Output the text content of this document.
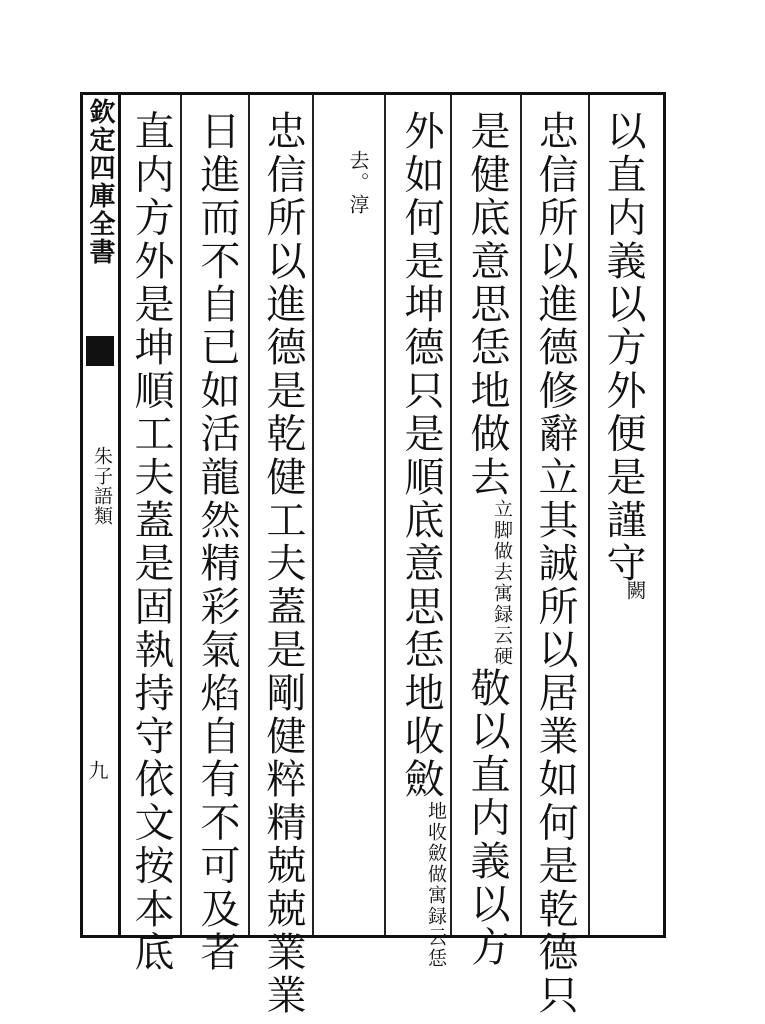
欽定四庫全書
朱子語類
九
以直内義以方外便是謹守
闕
忠信所以進德修辭立其誠所以居業如何是乾德只
是健底意思恁地做去
寓録云硬
立脚做去
敬以直内義以方
外如何是坤德只是順底意思恁地收斂
寓録云恁
地收斂做
去。淳
忠信所以進德是乾健工夫蓋是剛健粹精兢兢業業
日進而不自已如活龍然精彩氣焰自有不可及者
直内方外是坤順工夫蓋是固執持守依文按本底
